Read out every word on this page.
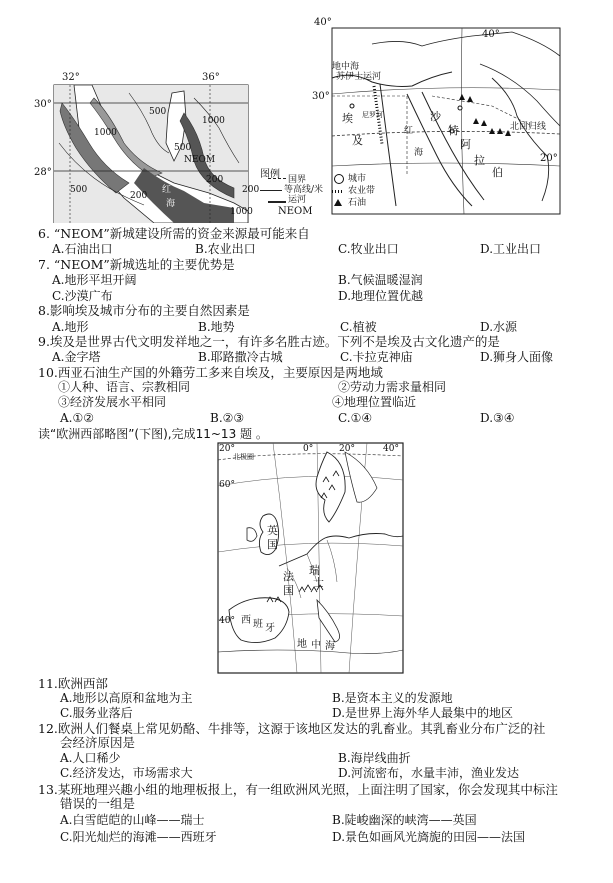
30°
28°
32°	36°
500
1000
1000
500
1000
200
500
200
红
海
NEOM
图例 国界
200	等高线/米
运河
NEOM
30°
20°
40°
40°
北回归线
地中海
苏伊士运河
埃
及
尼罗河	沙
特
阿
拉
伯
红
海
城市
农业带
石油
6. “NEOM”新城建设所需的资金来源最可能来自
A.石油出口	B.农业出口	C.牧业出口	D.工业出口
7. “NEOM”新城选址的主要优势是
A.地形平坦开阔	B.气候温暖湿润
C.沙漠广布	D.地理位置优越
8.影响埃及城市分布的主要自然因素是
A.地形	B.地势	C.植被	D.水源
9.埃及是世界古代文明发祥地之一，有许多名胜古迹。下列不是埃及古文化遗产的是
A.金字塔	B.耶路撒冷古城	C.卡拉克神庙	D.狮身人面像
10.西亚石油生产国的外籍劳工多来自埃及，主要原因是两地域
①人种、语言、宗教相同	②劳动力需求量相同
③经济发展水平相同	④地理位置临近
A.①②	B.②③	C.①④	D.③④
读“欧洲西部略图”(下图),完成11~13 题 。
20°	0°	20°	40°
60°
40°
北极圈
英
国
法
国
瑞
士
西 班 牙
地 中 海
11.欧洲西部
A.地形以高原和盆地为主	B.是资本主义的发源地
C.服务业落后	D.是世界上海外华人最集中的地区
12.欧洲人们餐桌上常见奶酪、牛排等，这源于该地区发达的乳畜业。其乳畜业分布广泛的社
会经济原因是
A.人口稀少	B.海岸线曲折
C.经济发达，市场需求大	D.河流密布，水量丰沛，渔业发达
13.某班地理兴趣小组的地理板报上，有一组欧洲风光照，上面注明了国家，你会发现其中标注
错误的一组是
A.白雪皑皑的山峰——瑞士	B.陡峻幽深的峡湾——英国
C.阳光灿烂的海滩——西班牙	D.景色如画风光旖旎的田园——法国
